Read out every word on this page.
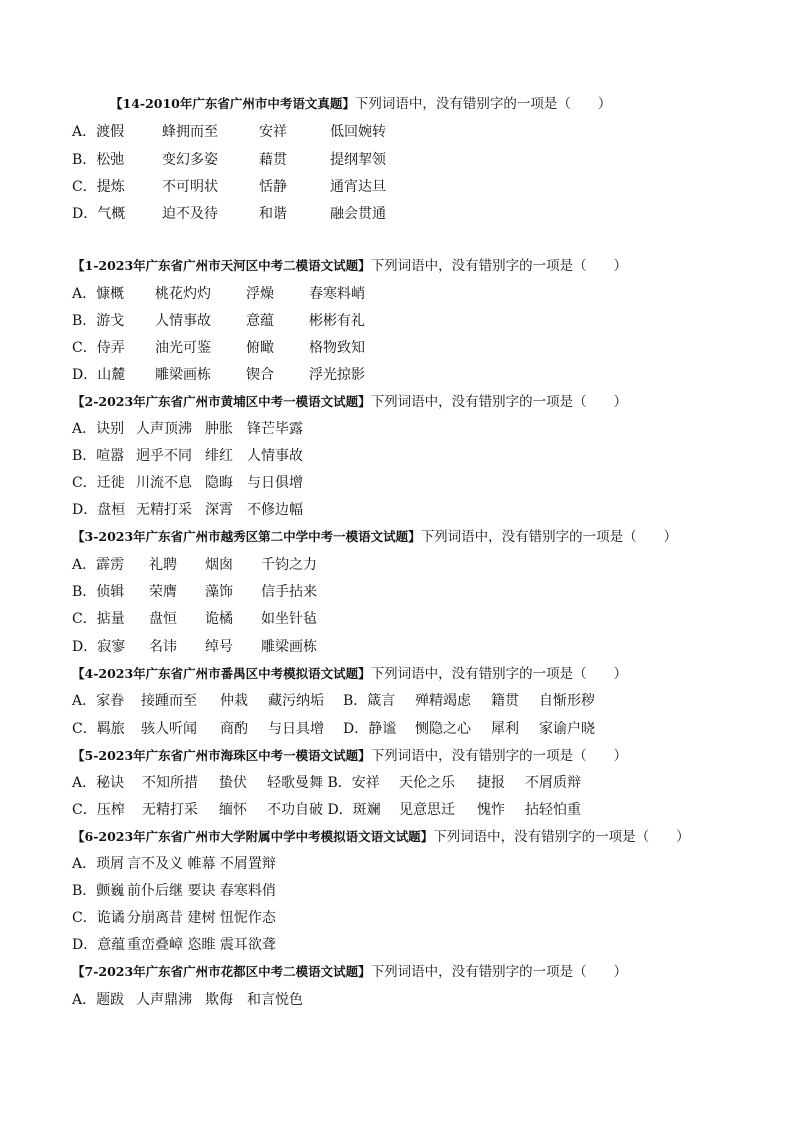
【14-2010年广东省广州市中考语文真题】下列词语中，没有错别字的一项是（　　）
A．渡假	蜂拥而至	安祥	低回婉转
B．松弛	变幻多姿	藉贯	提纲挈领
C．提炼	不可明状	恬静	通宵达旦
D．气概	迫不及待	和谐	融会贯通
【1-2023年广东省广州市天河区中考二模语文试题】下列词语中，没有错别字的一项是（　　）
A．慷概 桃花灼灼	浮燥	春寒料峭
B．游戈 人情事故	意蕴	彬彬有礼
C．侍弄 油光可鉴	俯瞰	格物致知
D．山麓 雕梁画栋	锲合	浮光掠影
【2-2023年广东省广州市黄埔区中考一模语文试题】下列词语中，没有错别字的一项是（　　）
A．诀别 人声顶沸 肿胀 锋芒毕露
B．喧嚣 迥乎不同 绯红 人情事故
C．迁徙 川流不息 隐晦 与日俱增
D．盘桓 无精打采 深霄 不修边幅
【3-2023年广东省广州市越秀区第二中学中考一模语文试题】下列词语中，没有错别字的一项是（　　）
A．霹雳 礼聘 烟囱 千钧之力
B．侦辑 荣膺 藻饰 信手拈来
C．掂量 盘恒 诡橘 如坐针毡
D．寂寥 名讳 绰号 雕梁画栋
【4-2023年广东省广州市番禺区中考模拟语文试题】下列词语中，没有错别字的一项是（　　）
A．家眷 接踵而至 仲栽 藏污纳垢 B．箴言 殚精竭虑 籍贯 自惭形秽
C．羁旅 骇人听闻 商酌 与日具增 D．静谧 恻隐之心 犀利 家谕户晓
【5-2023年广东省广州市海珠区中考一模语文试题】下列词语中，没有错别字的一项是（　　）
A．秘诀 不知所措 蛰伏 轻歌曼舞 B．安祥 天伦之乐 捷报 不屑质辩
C．压榨 无精打采 缅怀 不功自破 D．斑斓 见意思迁 愧怍 拈轻怕重
【6-2023年广东省广州市大学附属中学中考模拟语文语文试题】下列词语中，没有错别字的一项是（　　）
A．琐屑 言不及义 帷幕 不屑置辩
B．颤巍 前仆后继 要诀 春寒料俏
C．诡谲 分崩离昔 建树 忸怩作态
D．意蕴 重峦叠嶂 恣睢 震耳欲聋
【7-2023年广东省广州市花都区中考二模语文试题】下列词语中，没有错别字的一项是（　　）
A．题跋 人声鼎沸 欺侮 和言悦色
